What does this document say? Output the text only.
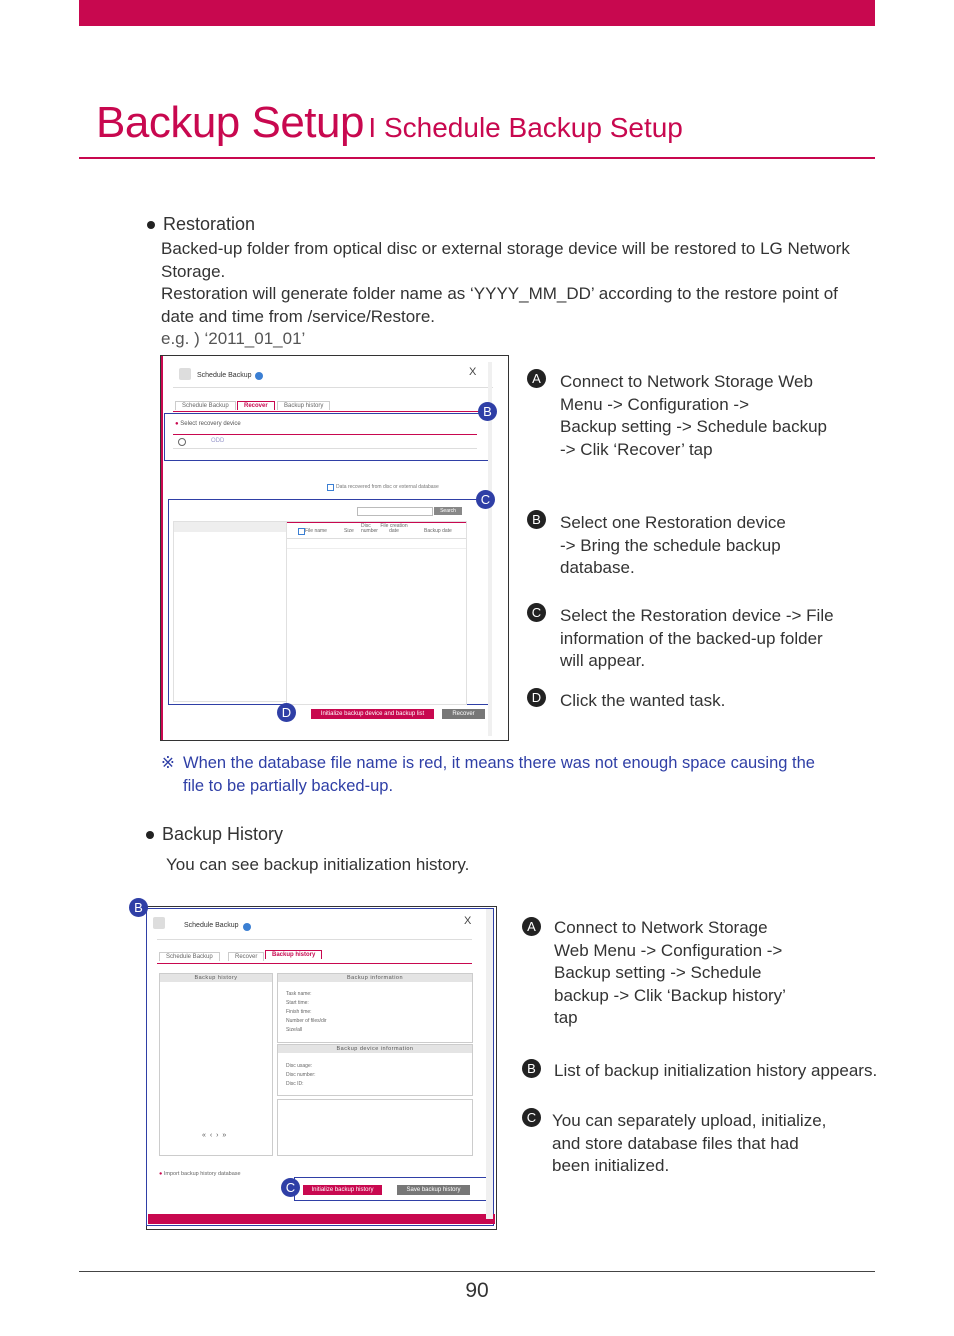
Backup Setup I Schedule Backup Setup
Restoration
Backed-up folder from optical disc or external storage device will be restored to LG Network
Storage.
Restoration will generate folder name as ‘YYYY_MM_DD’ according to the restore point of
date and time from /service/Restore.
e.g. ) ‘2011_01_01’
Schedule Backup	X
Schedule Backup	Recover	Backup history
● Select recovery device
ODD
Data recovered from disc or external database
Search
File name	Size
Disc number
File creation date	Backup date
Initialize backup device and backup list	Recover
B
C
D
A	Connect to Network Storage Web
Menu -> Configuration ->
Backup setting -> Schedule backup
-> Clik ‘Recover’ tap
B	Select one Restoration device
-> Bring the schedule backup
database.
C Select the Restoration device -> File
information of the backed-up folder
will appear.
D Click the wanted task.
※ When the database file name is red, it means there was not enough space causing the
file to be partially backed-up.
Backup History
You can see backup initialization history.
Schedule Backup	X
Schedule Backup	Recover	Backup history
Backup history
« ‹ › »
Backup information
Task name:
Start time:
Finish time:
Number of files/dir
Size/all
Backup device information
Disc usage:
Disc number:
Disc ID:
● Import backup history database
Initialize backup history	Save backup history
B
C
A	Connect to Network Storage
Web Menu -> Configuration ->
Backup setting -> Schedule
backup -> Clik ‘Backup history’
tap
B	List of backup initialization history appears.
C You can separately upload, initialize,
and store database files that had
been initialized.
90
